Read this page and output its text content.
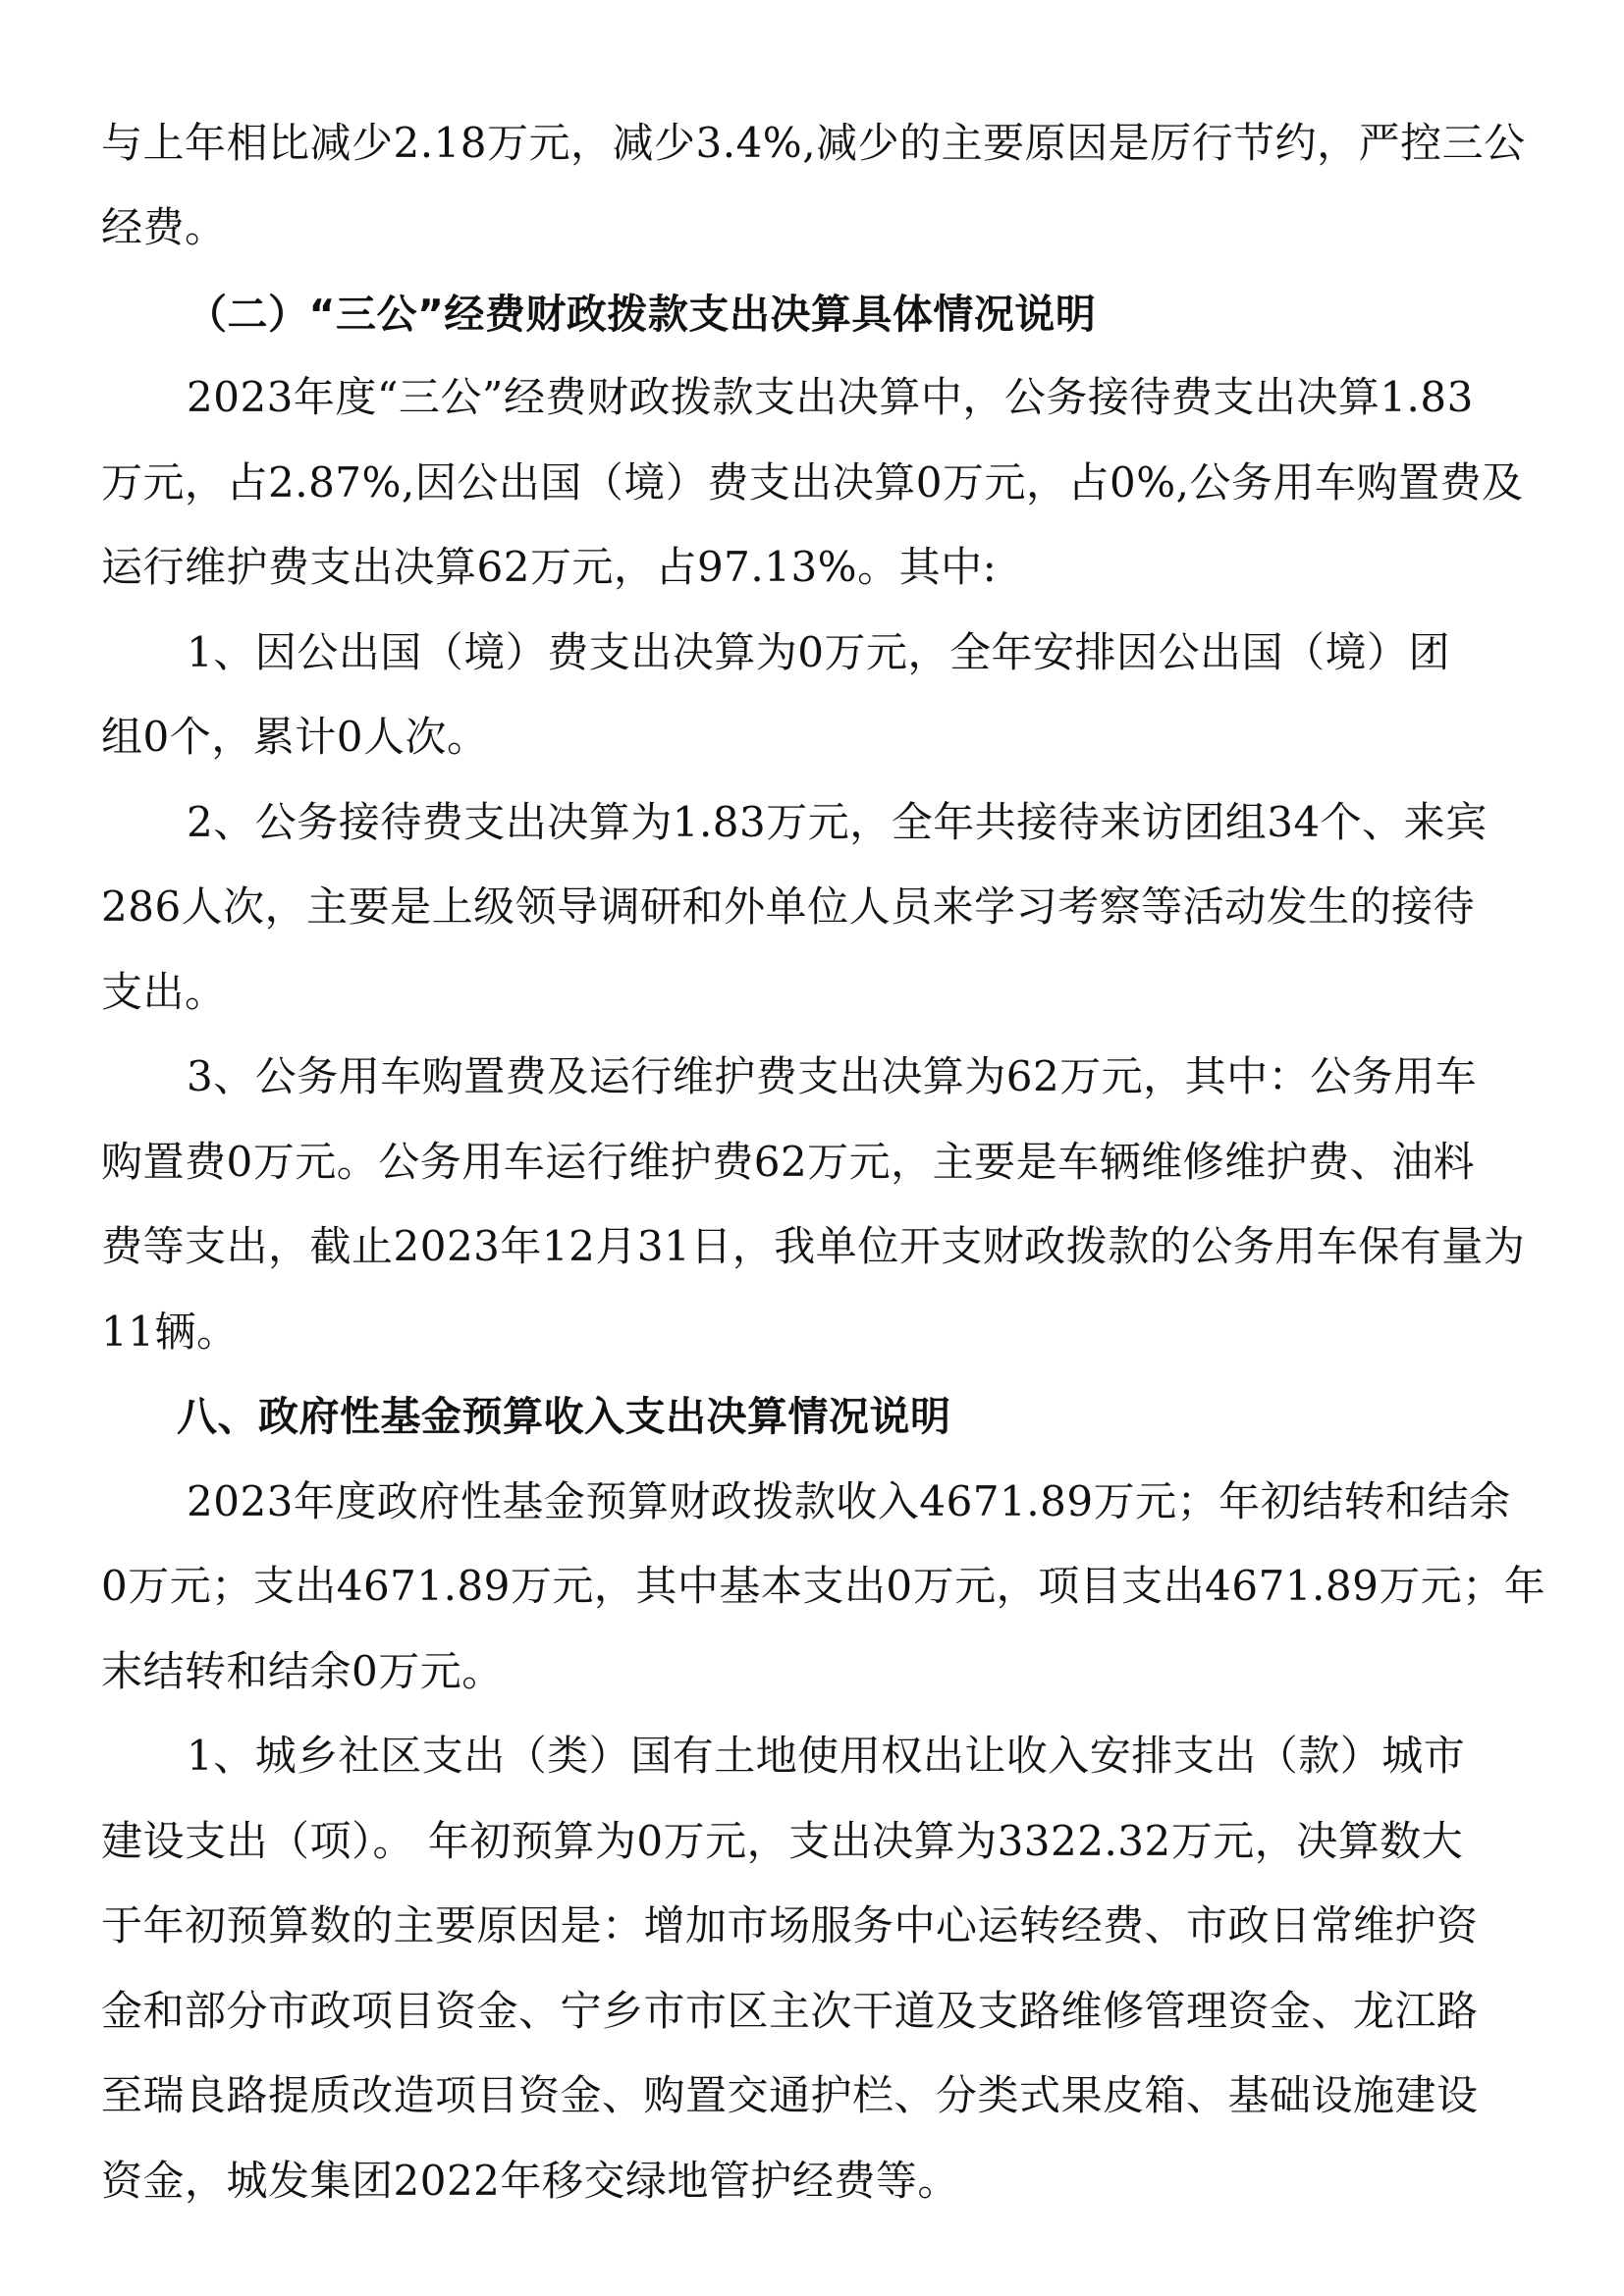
与上年相比减少2.18万元，减少3.4%,减少的主要原因是厉行节约，严控三公
经费。
（二）“三公”经费财政拨款支出决算具体情况说明
2023年度“三公”经费财政拨款支出决算中，公务接待费支出决算1.83
万元，占2.87%,因公出国（境）费支出决算0万元，占0%,公务用车购置费及
运行维护费支出决算62万元，占97.13%。其中:
1、因公出国（境）费支出决算为0万元，全年安排因公出国（境）团
组0个，累计0人次。
2、公务接待费支出决算为1.83万元，全年共接待来访团组34个、来宾
286人次，主要是上级领导调研和外单位人员来学习考察等活动发生的接待
支出。
3、公务用车购置费及运行维护费支出决算为62万元，其中：公务用车
购置费0万元。公务用车运行维护费62万元，主要是车辆维修维护费、油料
费等支出，截止2023年12月31日，我单位开支财政拨款的公务用车保有量为
11辆。
八、政府性基金预算收入支出决算情况说明
2023年度政府性基金预算财政拨款收入4671.89万元；年初结转和结余
0万元；支出4671.89万元，其中基本支出0万元，项目支出4671.89万元；年
末结转和结余0万元。
1、城乡社区支出（类）国有土地使用权出让收入安排支出（款）城市
建设支出（项）。 年初预算为0万元，支出决算为3322.32万元，决算数大
于年初预算数的主要原因是：增加市场服务中心运转经费、市政日常维护资
金和部分市政项目资金、宁乡市市区主次干道及支路维修管理资金、龙江路
至瑞良路提质改造项目资金、购置交通护栏、分类式果皮箱、基础设施建设
资金，城发集团2022年移交绿地管护经费等。
